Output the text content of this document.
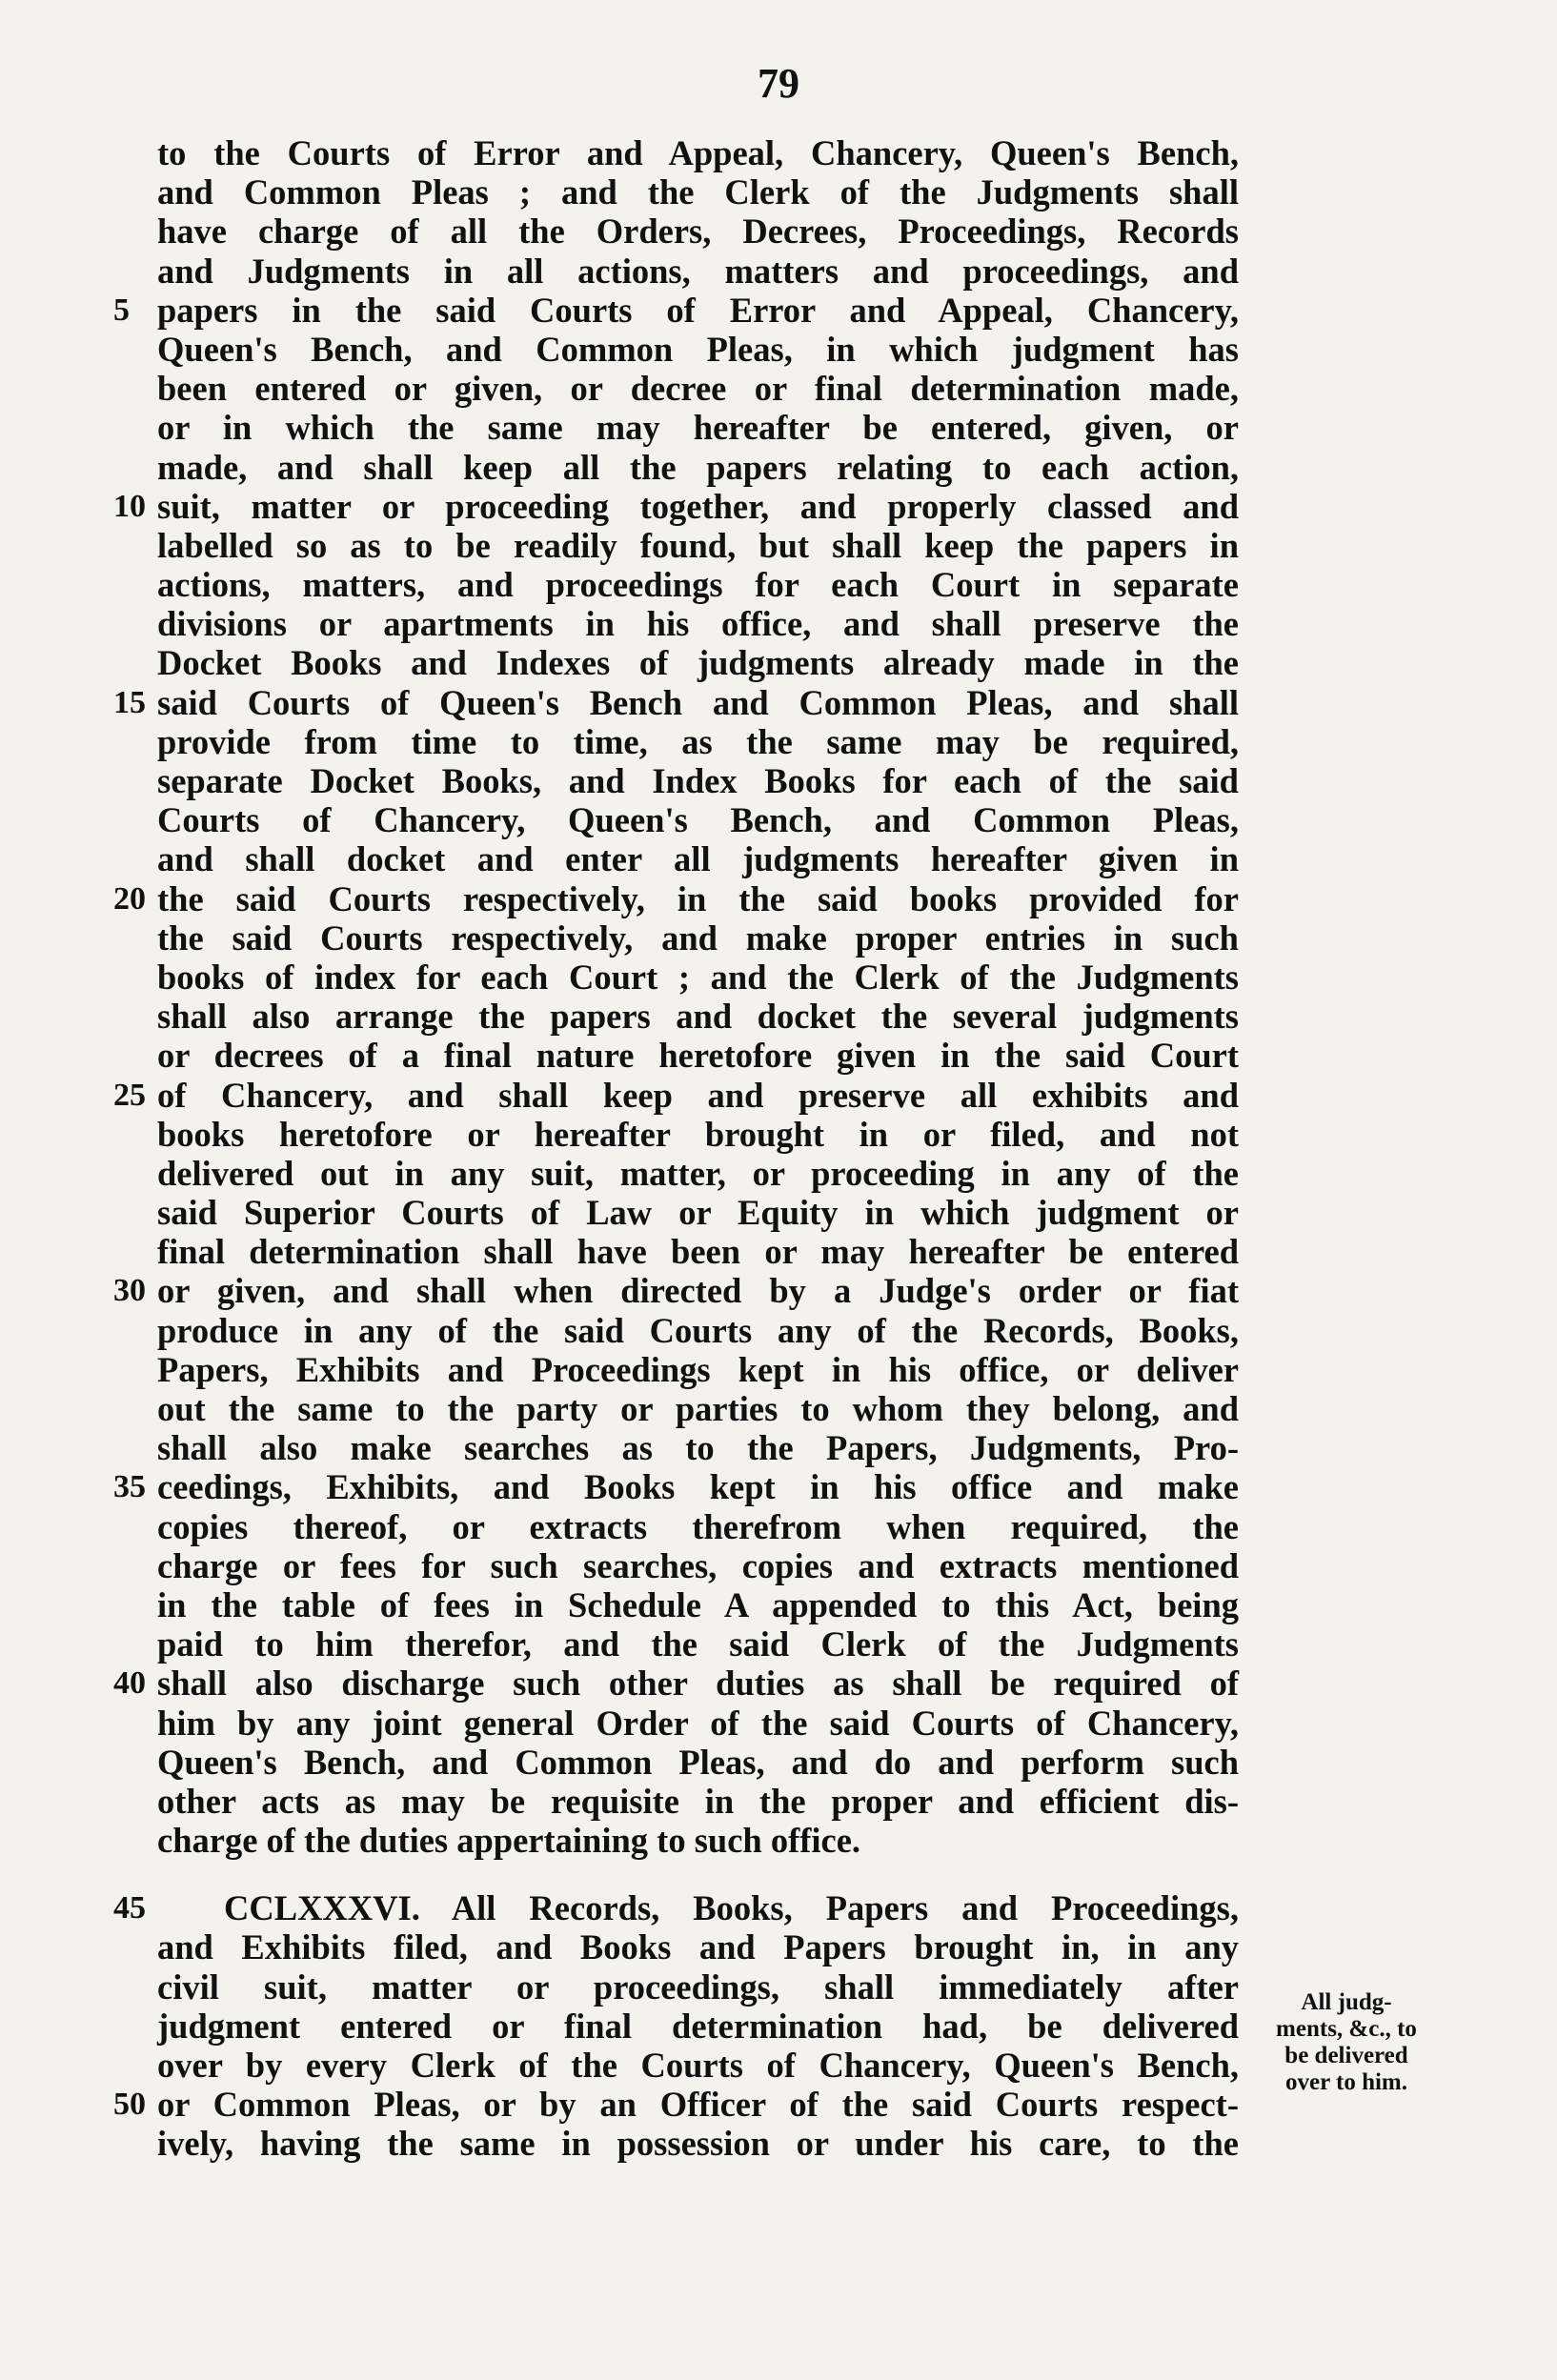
79
to the Courts of Error and Appeal, Chancery, Queen's Bench,
and Common Pleas ; and the Clerk of the Judgments shall
have charge of all the Orders, Decrees, Proceedings, Records
and Judgments in all actions, matters and proceedings, and
5 papers in the said Courts of Error and Appeal, Chancery,
Queen's Bench, and Common Pleas, in which judgment has
been entered or given, or decree or final determination made,
or in which the same may hereafter be entered, given, or
made, and shall keep all the papers relating to each action,
10 suit, matter or proceeding together, and properly classed and
labelled so as to be readily found, but shall keep the papers in
actions, matters, and proceedings for each Court in separate
divisions or apartments in his office, and shall preserve the
Docket Books and Indexes of judgments already made in the
15 said Courts of Queen's Bench and Common Pleas, and shall
provide from time to time, as the same may be required,
separate Docket Books, and Index Books for each of the said
Courts of Chancery, Queen's Bench, and Common Pleas,
and shall docket and enter all judgments hereafter given in
20 the said Courts respectively, in the said books provided for
the said Courts respectively, and make proper entries in such
books of index for each Court ; and the Clerk of the Judgments
shall also arrange the papers and docket the several judgments
or decrees of a final nature heretofore given in the said Court
25 of Chancery, and shall keep and preserve all exhibits and
books heretofore or hereafter brought in or filed, and not
delivered out in any suit, matter, or proceeding in any of the
said Superior Courts of Law or Equity in which judgment or
final determination shall have been or may hereafter be entered
30 or given, and shall when directed by a Judge's order or fiat
produce in any of the said Courts any of the Records, Books,
Papers, Exhibits and Proceedings kept in his office, or deliver
out the same to the party or parties to whom they belong, and
shall also make searches as to the Papers, Judgments, Pro-
35 ceedings, Exhibits, and Books kept in his office and make
copies thereof, or extracts therefrom when required, the
charge or fees for such searches, copies and extracts mentioned
in the table of fees in Schedule A appended to this Act, being
paid to him therefor, and the said Clerk of the Judgments
40 shall also discharge such other duties as shall be required of
him by any joint general Order of the said Courts of Chancery,
Queen's Bench, and Common Pleas, and do and perform such
other acts as may be requisite in the proper and efficient dis-
charge of the duties appertaining to such office.
45 CCLXXXVI. All Records, Books, Papers and Proceedings,
and Exhibits filed, and Books and Papers brought in, in any
civil suit, matter or proceedings, shall immediately after
judgment entered or final determination had, be delivered
over by every Clerk of the Courts of Chancery, Queen's Bench,
50 or Common Pleas, or by an Officer of the said Courts respect-
ively, having the same in possession or under his care, to the
All judg-
ments, &c., to
be delivered
over to him.
